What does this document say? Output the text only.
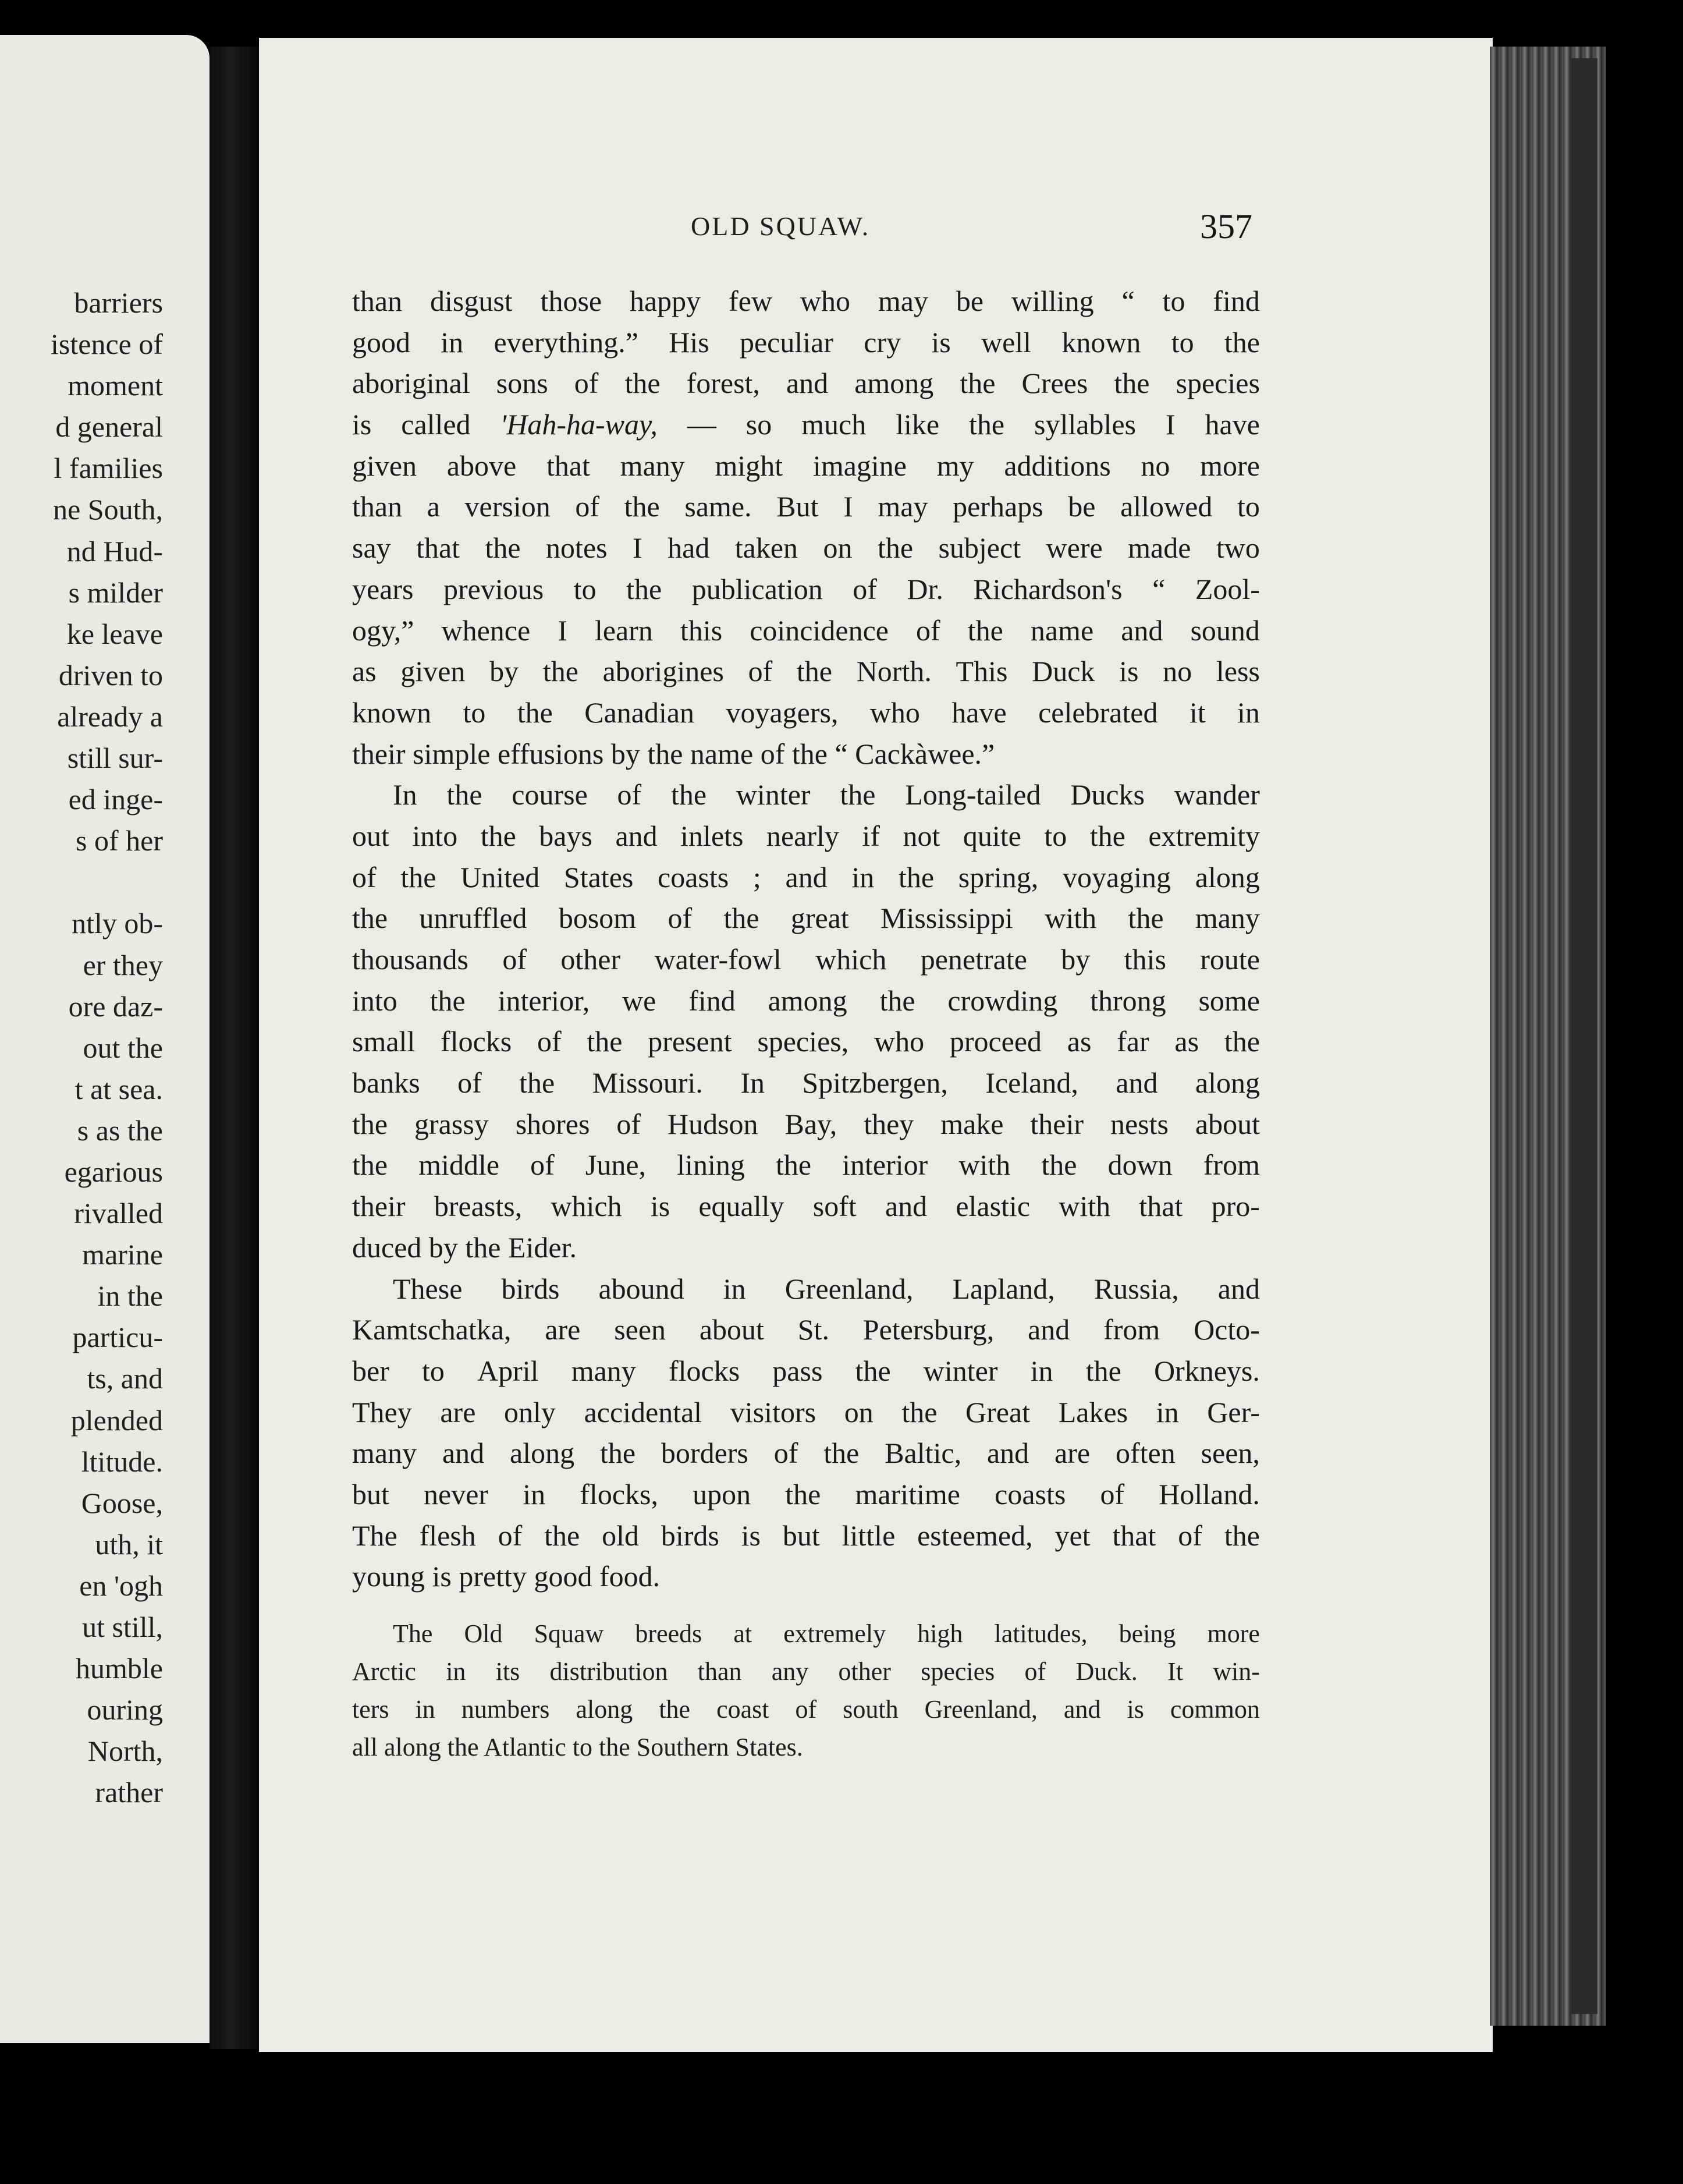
barriers
istence of
moment
d general
l families
ne South,
nd Hud-
s milder
ke leave
driven to
already a
still sur-
ed inge-
s of her

ntly ob-
er they
ore daz-
out the
t at sea.
s as the
egarious
rivalled
marine
in the
particu-
ts, and
plended
ltitude.
Goose,
uth, it
en 'ogh
ut still,
humble
ouring
North,
rather
OLD SQUAW.	357
than disgust those happy few who may be willing “ to find
good in everything.” His peculiar cry is well known to the
aboriginal sons of the forest, and among the Crees the species
is called 'Hah-ha-way, — so much like the syllables I have
given above that many might imagine my additions no more
than a version of the same. But I may perhaps be allowed to
say that the notes I had taken on the subject were made two
years previous to the publication of Dr. Richardson's “ Zool-
ogy,” whence I learn this coincidence of the name and sound
as given by the aborigines of the North. This Duck is no less
known to the Canadian voyagers, who have celebrated it in
their simple effusions by the name of the “ Cackàwee.”
In the course of the winter the Long-tailed Ducks wander
out into the bays and inlets nearly if not quite to the extremity
of the United States coasts ; and in the spring, voyaging along
the unruffled bosom of the great Mississippi with the many
thousands of other water-fowl which penetrate by this route
into the interior, we find among the crowding throng some
small flocks of the present species, who proceed as far as the
banks of the Missouri. In Spitzbergen, Iceland, and along
the grassy shores of Hudson Bay, they make their nests about
the middle of June, lining the interior with the down from
their breasts, which is equally soft and elastic with that pro-
duced by the Eider.
These birds abound in Greenland, Lapland, Russia, and
Kamtschatka, are seen about St. Petersburg, and from Octo-
ber to April many flocks pass the winter in the Orkneys.
They are only accidental visitors on the Great Lakes in Ger-
many and along the borders of the Baltic, and are often seen,
but never in flocks, upon the maritime coasts of Holland.
The flesh of the old birds is but little esteemed, yet that of the
young is pretty good food.
The Old Squaw breeds at extremely high latitudes, being more
Arctic in its distribution than any other species of Duck. It win-
ters in numbers along the coast of south Greenland, and is common
all along the Atlantic to the Southern States.
